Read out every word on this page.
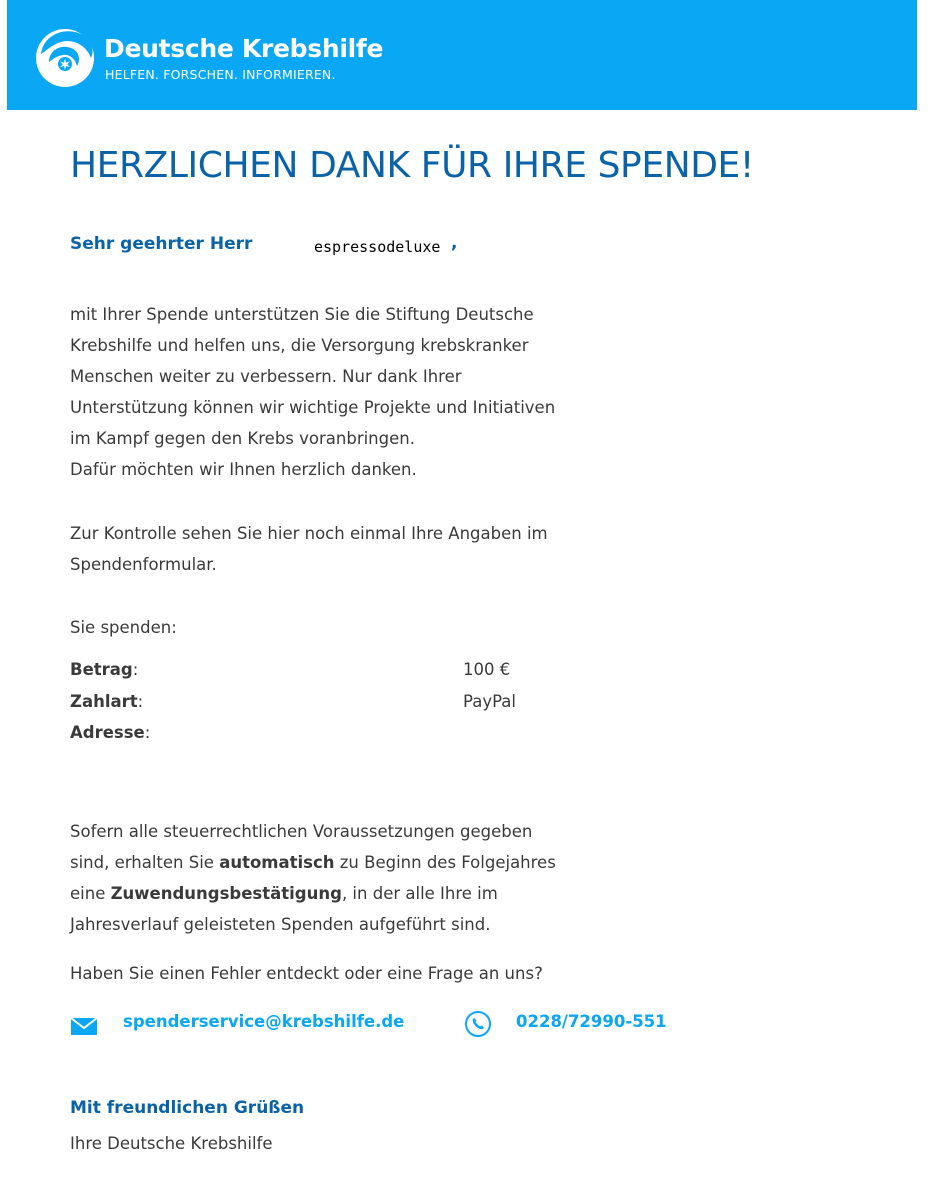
Deutsche Krebshilfe
HELFEN. FORSCHEN. INFORMIEREN.
HERZLICHEN DANK FÜR IHRE SPENDE!
Sehr geehrter Herr	espressodeluxe ,
mit Ihrer Spende unterstützen Sie die Stiftung Deutsche
Krebshilfe und helfen uns, die Versorgung krebskranker
Menschen weiter zu verbessern. Nur dank Ihrer
Unterstützung können wir wichtige Projekte und Initiativen
im Kampf gegen den Krebs voranbringen.
Dafür möchten wir Ihnen herzlich danken.
Zur Kontrolle sehen Sie hier noch einmal Ihre Angaben im
Spendenformular.
Sie spenden:
Betrag:	100 €
Zahlart:	PayPal
Adresse:
Sofern alle steuerrechtlichen Voraussetzungen gegeben
sind, erhalten Sie automatisch zu Beginn des Folgejahres
eine Zuwendungsbestätigung, in der alle Ihre im
Jahresverlauf geleisteten Spenden aufgeführt sind.
Haben Sie einen Fehler entdeckt oder eine Frage an uns?
spenderservice@krebshilfe.de	0228/72990-551
Mit freundlichen Grüßen
Ihre Deutsche Krebshilfe
